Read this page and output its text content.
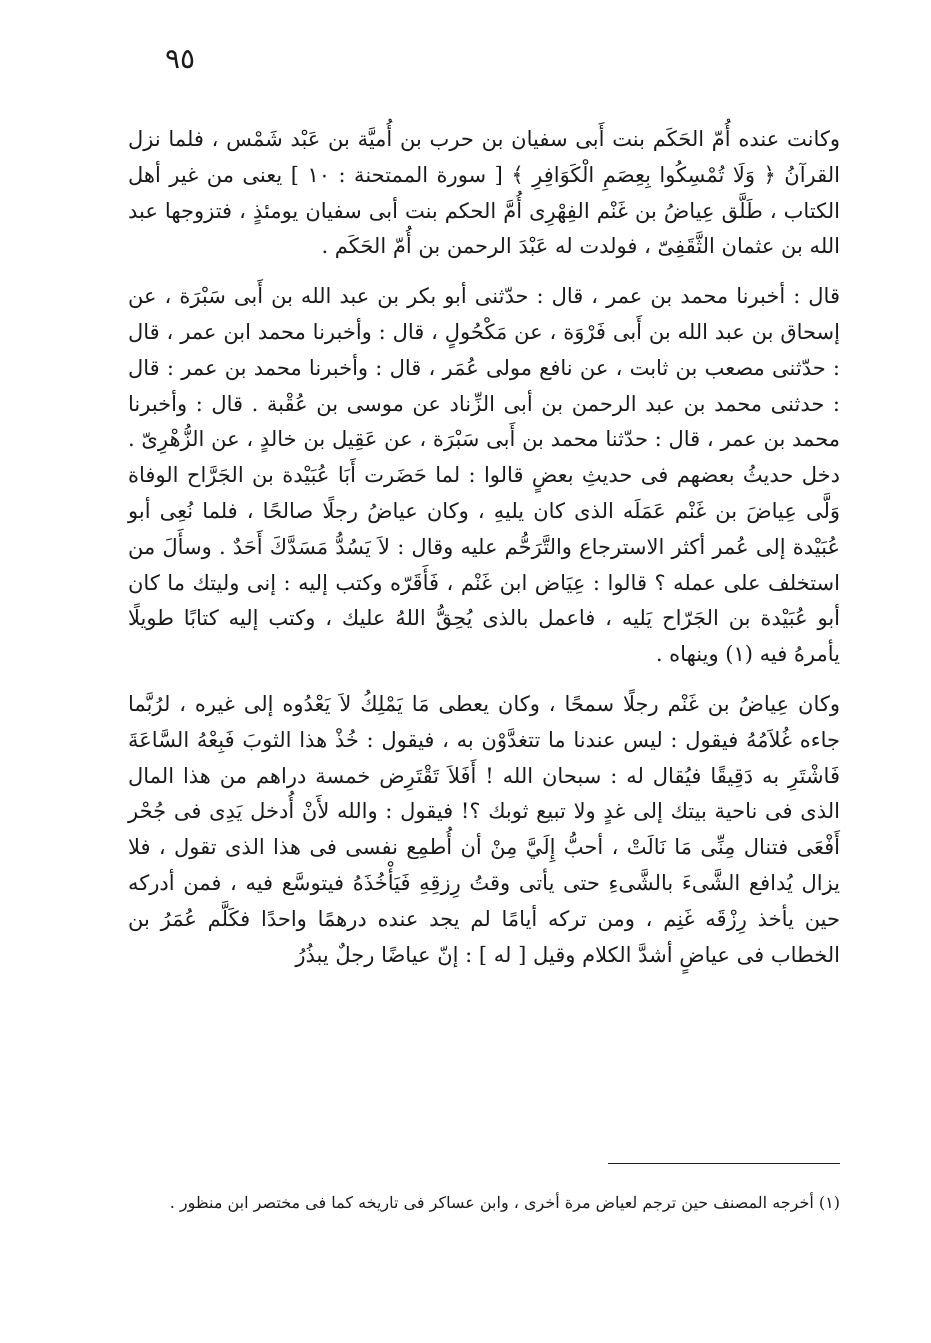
٩٥

وكانت عنده أُمّ الحَكَم بنت أَبى سفيان بن حرب بن أُميَّة بن عَبْد شَمْس ، فلما نزل القرآنُ ﴿ وَلَا تُمْسِكُوا بِعِصَمِ الْكَوَافِرِ ﴾ [ سورة الممتحنة : ١٠ ] يعنى من غير أهل الكتاب ، طَلَّق عِياضُ بن غَنْم الفِهْرِى أُمَّ الحكم بنت أبى سفيان يومئذٍ ، فتزوجها عبد الله بن عثمان الثَّقَفِىّ ، فولدت له عَبْدَ الرحمن بن أُمّ الحَكَم .

قال : أخبرنا محمد بن عمر ، قال : حدّثنى أبو بكر بن عبد الله بن أَبى سَبْرَة ، عن إسحاق بن عبد الله بن أَبى فَرْوَة ، عن مَكْحُولٍ ، قال : وأخبرنا محمد ابن عمر ، قال : حدّثنى مصعب بن ثابت ، عن نافع مولى عُمَر ، قال : وأخبرنا محمد بن عمر : قال : حدثنى محمد بن عبد الرحمن بن أبى الزِّناد عن موسى بن عُقْبة . قال : وأخبرنا محمد بن عمر ، قال : حدّثنا محمد بن أَبى سَبْرَة ، عن عَقِيل بن خالدٍ ، عن الزُّهْرِىّ . دخل حديثُ بعضهم فى حديثِ بعضٍ قالوا : لما حَضَرت أَبَا عُبَيْدة بن الجَرَّاح الوفاة وَلَّى عِياضَ بن غَنْم عَمَلَه الذى كان يليهِ ، وكان عياضُ رجلًا صالحًا ، فلما نُعِى أبو عُبَيْدة إلى عُمر أكثر الاسترجاع والتَّرَحُّم عليه وقال : لاَ يَسُدُّ مَسَدَّكَ أَحَدٌ . وسأَلَ من استخلف على عمله ؟ قالوا : عِيَاض ابن غَنْم ، فَأَقَرّه وكتب إليه : إنى وليتك ما كان أبو عُبَيْدة بن الجَرّاح يَليه ، فاعمل بالذى يُحِقُّ اللهُ عليك ، وكتب إليه كتابًا طويلًا يأمرهُ فيه (١) وينهاه .

وكان عِياضُ بن غَنْم رجلًا سمحًا ، وكان يعطى مَا يَمْلِكُ لاَ يَعْدُوه إلى غيره ، لرُبَّما جاءه غُلاَمُهُ فيقول : ليس عندنا ما تتغدَّوْن به ، فيقول : خُذْ هذا الثوبَ فَبِعْهُ السَّاعَةَ فَاشْتَرِ به دَقِيقًا فيُقال له : سبحان الله ! أَفَلاَ تَقْتَرِض خمسة دراهم من هذا المال الذى فى ناحية بيتك إلى غدٍ ولا تبيع ثوبك ؟! فيقول : والله لأَنْ أُدخل يَدِى فى جُحْر أَفْعَى فتنال مِنِّى مَا نَالَتْ ، أحبُّ إِلَيَّ مِنْ أن أُطمِع نفسى فى هذا الذى تقول ، فلا يزال يُدافع الشَّىءَ بالشَّىءِ حتى يأتى وقتُ رِزقِهِ فَيَأْخُذَهُ فيتوسَّع فيه ، فمن أدركه حين يأخذ رِزْقَه غَنِم ، ومن تركه أيامًا لم يجد عنده درهمًا واحدًا فكَلَّم عُمَرُ بن الخطاب فى عياضٍ أشدَّ الكلام وقيل [ له ] : إنّ عياضًا رجلٌ يبذُرُ

(١) أخرجه المصنف حين ترجم لعياض مرة أخرى ، وابن عساكر فى تاريخه كما فى مختصر ابن منظور .
